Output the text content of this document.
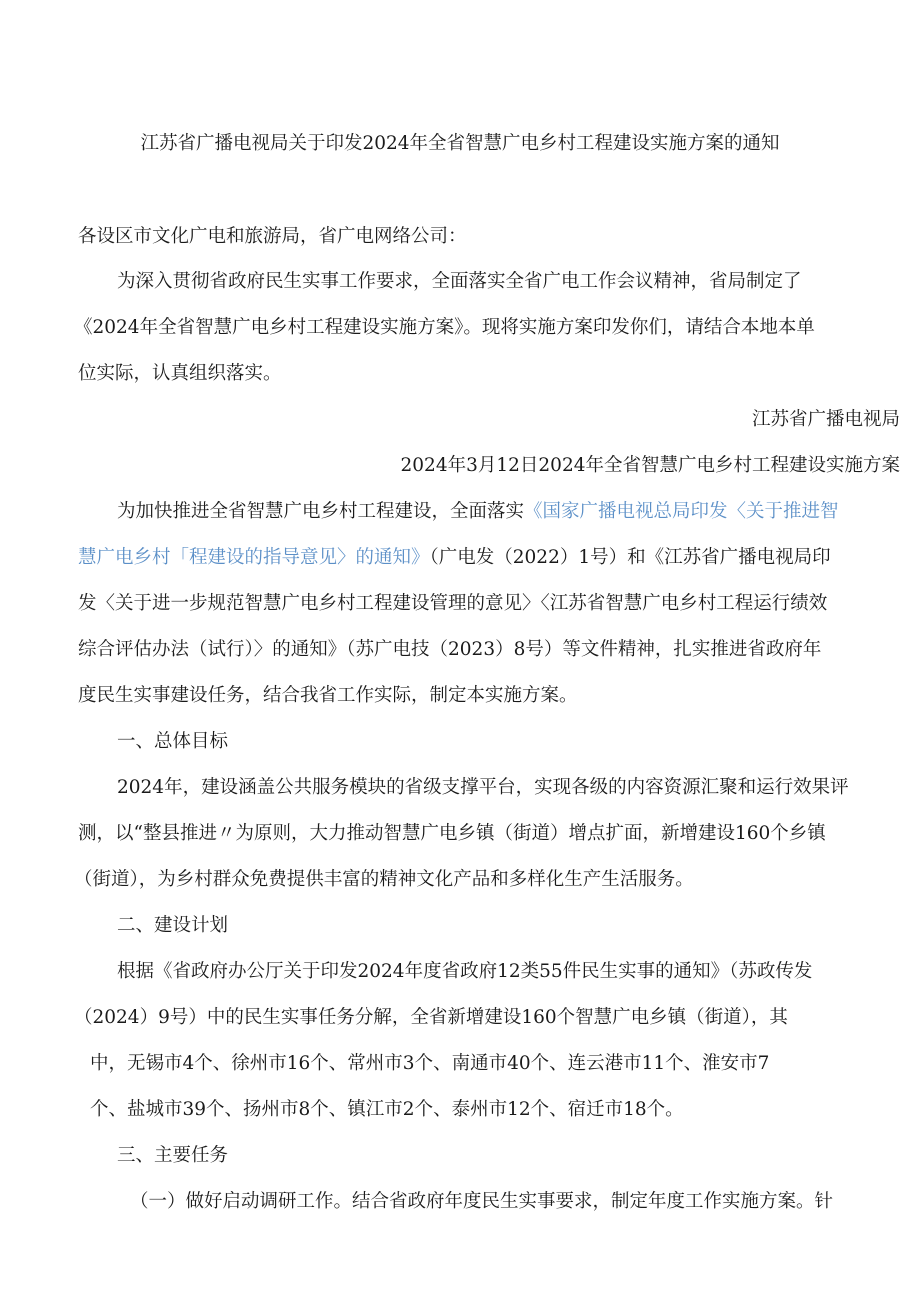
江苏省广播电视局关于印发2024年全省智慧广电乡村工程建设实施方案的通知
各设区市文化广电和旅游局，省广电网络公司：
为深入贯彻省政府民生实事工作要求，全面落实全省广电工作会议精神，省局制定了
《2024年全省智慧广电乡村工程建设实施方案》。现将实施方案印发你们，请结合本地本单
位实际，认真组织落实。
江苏省广播电视局
2024年3月12日2024年全省智慧广电乡村工程建设实施方案
为加快推进全省智慧广电乡村工程建设，全面落实《国家广播电视总局印发〈关于推进智
慧广电乡村「程建设的指导意见〉的通知》（广电发（2022）1号）和《江苏省广播电视局印
发〈关于进一步规范智慧广电乡村工程建设管理的意见〉〈江苏省智慧广电乡村工程运行绩效
综合评估办法（试行）〉的通知》（苏广电技（2023）8号）等文件精神，扎实推进省政府年
度民生实事建设任务，结合我省工作实际，制定本实施方案。
一、总体目标
2024年，建设涵盖公共服务模块的省级支撑平台，实现各级的内容资源汇聚和运行效果评
测，以“整县推进〃为原则，大力推动智慧广电乡镇（街道）增点扩面，新增建设160个乡镇
（街道），为乡村群众免费提供丰富的精神文化产品和多样化生产生活服务。
二、建设计划
根据《省政府办公厅关于印发2024年度省政府12类55件民生实事的通知》（苏政传发
（2024）9号）中的民生实事任务分解，全省新增建设160个智慧广电乡镇（街道），其
中，无锡市4个、徐州市16个、常州市3个、南通市40个、连云港市11个、淮安市7
个、盐城市39个、扬州市8个、镇江市2个、泰州市12个、宿迁市18个。
三、主要任务
（一）做好启动调研工作。结合省政府年度民生实事要求，制定年度工作实施方案。针
